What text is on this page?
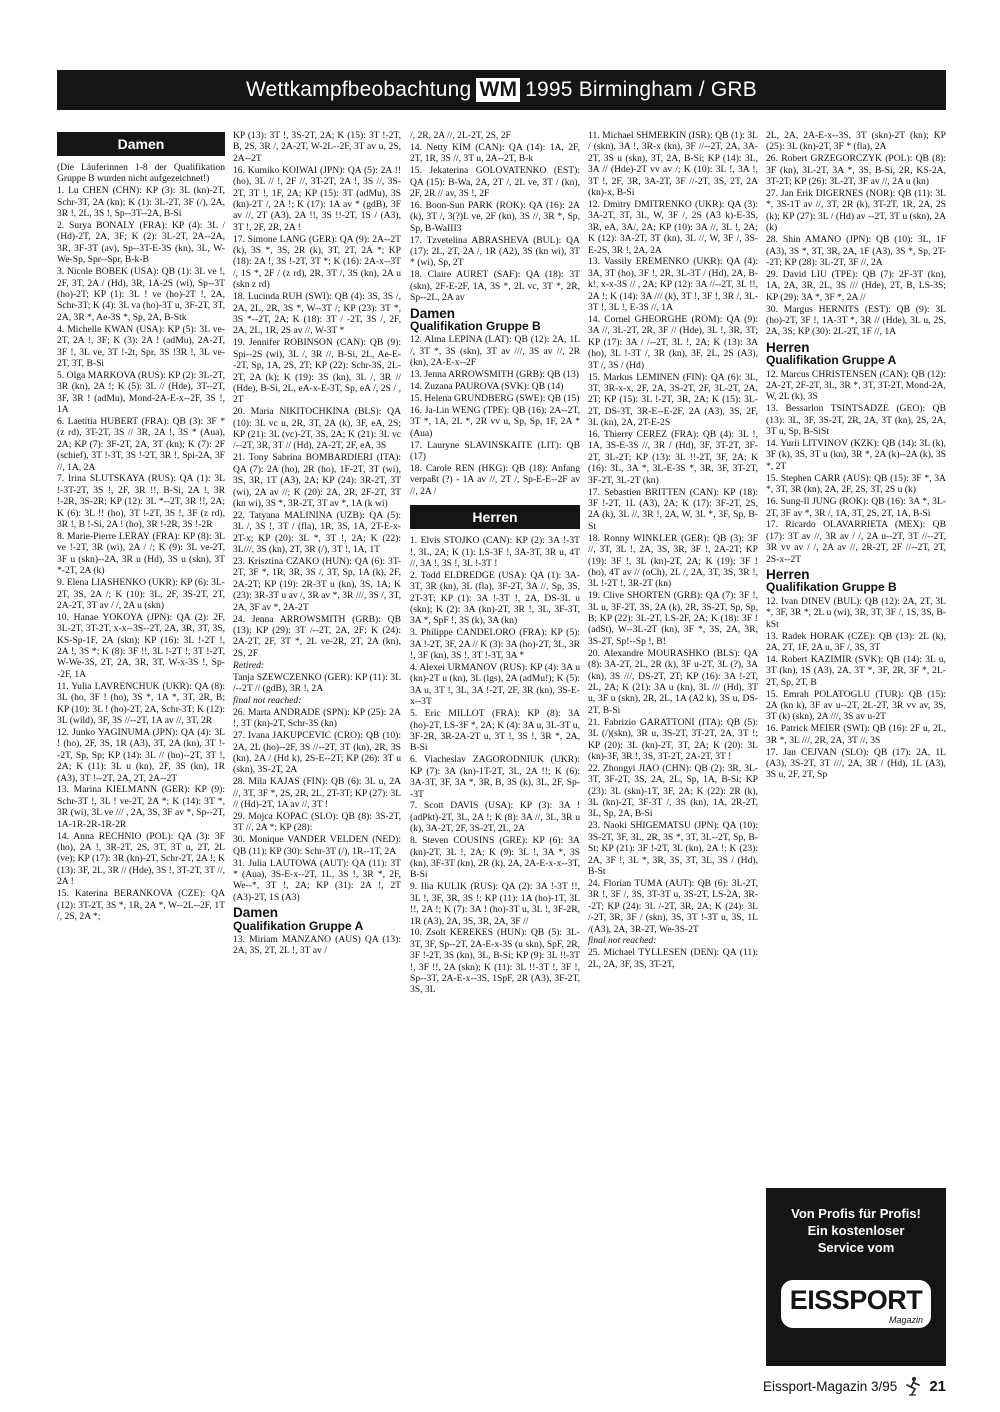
Wettkampfbeobachtung WM 1995 Birmingham / GRB
Damen

(Die Läuferinnen 1-8 der Qualifikation Gruppe B wurden nicht aufgezeichnet!)

1. Lu CHEN (CHN): KP (3): 3L (kn)-2T, Schr-3T, 2A (kn); K (1): 3L-2T, 3F (/), 2A, 3R !, 2L, 3S !, Sp--3T--2A, B-Si

2. Surya BONALY (FRA): KP (4): 3L / (Hd)-2T, 2A, 3F; K (2): 3L-2T, 2A--2A, 3R, 3F-3T (av), Sp--3T-E-3S (kn), 3L, W-We-Sp, Spr--Spr, B-k-B

3. Nicole BOBEK (USA): QB (1): 3L ve !, 2F, 3T, 2A / (Hd), 3R, 1A-2S (wi), Sp--3T (ho)-2T; KP (1): 3L ! ve (ho)-2T !, 2A, Schr-3T; K (4): 3L va (ho)-3T u, 3F-2T, 3T, 2A, 3R *, Ae-3S *, Sp, 2A, B-Stk

4. Michelle KWAN (USA): KP (5): 3L ve-2T, 2A !, 3F; K (3): 2A ! (adMu), 2A-2T, 3F !, 3L ve, 3T !-2t, Spr, 3S !3R !, 3L ve-2T, 3T, B-Si

5. Olga MARKOVA (RUS): KP (2): 3L-2T, 3R (kn), 2A !; K (5): 3L // (Hde), 3T--2T, 3F, 3R ! (adMu), Mond-2A-E-x--2F, 3S !, 1A

6. Laetitia HUBERT (FRA): QB (3): 3F * (z rd), 3T-2T, 3S // 3R, 2A !, 3S * (Aua), 2A; KP (7): 3F-2T, 2A, 3T (kn); K (7): 2F (schief), 3T !-3T, 3S !-2T, 3R !, Spi-2A, 3F //, 1A, 2A

7. Irina SLUTSKAYA (RUS): QA (1): 3L !-3T-2T, 3S !, 2F, 3R !!, B-Si, 2A !, 3R !-2R, 3S-2R; KP (12): 3L *--2T, 3R !!, 2A; K (6): 3L !! (ho), 3T !-2T, 3S !, 3F (z rd), 3R !, B !-Si, 2A ! (ho), 3R !-2R, 3S !-2R

8. Marie-Pierre LERAY (FRA): KP (8): 3L ve !-2T, 3R (wi), 2A / /; K (9): 3L ve-2T, 3F u (skn)--2A, 3R u (Hd), 3S u (skn), 3T *-2T, 2A (k)

9. Elena LIASHENKO (UKR): KP (6): 3L-2T, 3S, 2A /; K (10): 3L, 2F, 3S-2T, 2T, 2A-2T, 3T av / /, 2A u (skn)

10. Hanae YOKOYA (JPN): QA (2): 2F, 3L-2T, 3T-2T, x-x--3S--2T, 2A, 3R, 3T, 3S, KS-Sp-1F, 2A (skn); KP (16): 3L !-2T !, 2A !, 3S *; K (8): 3F !!, 3L !-2T !, 3T !-2T, W-We-3S, 2T, 2A, 3R, 3T, W-x-3S !, Sp--2F, 1A

11. Yulia LAVRENCHUK (UKR): QA (8): 3L (ho, 3F ! (ho), 3S *, 1A *, 3T, 2R, B; KP (10): 3L ! (ho)-2T, 2A, Schr-3T; K (12): 3L (wild), 3F, 3S //--2T, 1A av //, 3T, 2R

12. Junko YAGINUMA (JPN): QA (4): 3L ! (ho), 2F, 3S, 1R (A3), 3T, 2A (kn), 3T !--2T, Sp, Sp; KP (14): 3L // (ho)--2T, 3T !, 2A; K (11): 3L u (kn), 2F, 3S (kn), 1R (A3), 3T !--2T, 2A, 2T, 2A--2T

13. Marina KIELMANN (GER): KP (9): Schr-3T !, 3L ! ve-2T, 2A *; K (14): 3T *, 3R (wi), 3L ve /// , 2A, 3S, 3F av *, Sp--2T, 1A-1R-2R-1R-2R

14. Anna RECHNIO (POL): QA (3): 3F (ho), 2A !, 3R-2T, 2S, 3T, 3T u, 2T, 2L (ve); KP (17): 3R (kn)-2T, Schr-2T, 2A !; K (13): 3F, 2L, 3R // (Hde), 3S !, 3T-2T, 3T //, 2A !

15. Katerina BERANKOVA (CZE): QA (12): 3T-2T, 3S *, 1R, 2A *, W--2L--2F, 1T /, 2S, 2A *;

KP (13): 3T !, 3S-2T, 2A; K (15): 3T !-2T, B, 2S, 3R /, 2A-2T, W-2L--2F, 3T av u, 2S, 2A--2T

16. Kumiko KOIWAI (JPN): QA (5): 2A !! (ho), 3L // !, 2F //, 3T-2T, 2A !, 3S //, 3S-2T, 3T !, 1F, 2A; KP (15): 3T (adMu), 3S (kn)-2T /, 2A !; K (17): 1A av * (gdB), 3F av //, 2T (A3), 2A !!, 3S !!-2T, 1S / (A3), 3T !, 2F, 2R, 2A !

17. Simone LANG (GER): QA (9): 2A--2T (k), 3S *, 3S, 2R (k), 3T, 2T, 2A *; KP (18): 2A !, 3S !-2T, 3T *; K (16): 2A-x--3T /, 1S *, 2F / (z rd), 2R, 3T /, 3S (kn), 2A u (skn z rd)

18. Lucinda RUH (SWI): QB (4): 3S, 3S /, 2A, 2L, 2R, 3S *, W--3T /; KP (23): 3T *, 3S *--2T, 2A; K (18): 3T / -2T, 3S /, 2F, 2A, 2L, 1R, 2S av //, W-3T *

19. Jennifer ROBINSON (CAN): QB (9): Spi--2S (wi), 3L /, 3R //, B-Si, 2L, Ae-E--2T, Sp, 1A, 2S, 2T; KP (22): Schr-3S, 2L-2T, 2A (k); K (19): 3S (kn), 3L /, 3R // (Hde), B-Si, 2L, eA-x-E-3T, Sp, eA /, 2S / , 2T

20. Maria NIKITOCHKINA (BLS): QA (10): 3L vc u, 2R, 3T, 2A (k), 3F, eA, 2S; KP (21): 3L (vc)-2T, 3S, 2A; K (21): 3L vc /--2T, 3R, 3T // (Hd), 2A-2T, 2F, eA, 3S

21. Tony Sabrina BOMBARDIERI (ITA): QA (7): 2A (ho), 2R (ho), 1F-2T, 3T (wi), 3S, 3R, 1T (A3), 2A; KP (24): 3R-2T, 3T (wi), 2A av //; K (20): 2A, 2R, 2F-2T, 3T (kn wi), 3S *, 3R-2T, 3T av *, 1A (k wi)

22. Tatyana MALININA (UZB): QA (5): 3L /, 3S !, 3T / (fla), 1R, 3S, 1A, 2T-E-x-2T-x; KP (20): 3L *, 3T !, 2A; K (22): 3L///, 3S (kn), 2T, 3R (/), 3T !, 1A, 1T

23. Krisztina CZAKO (HUN): QA (6): 3T-2T, 3F *, 1R, 3R, 3S /, 3T, Sp, 1A (k), 2F, 2A-2T; KP (19): 2R-3T u (kn), 3S, 1A; K (23): 3R-3T u av /, 3R av *, 3R ///, 3S /, 3T, 2A, 3F av *, 2A-2T

24. Jenna ARROWSMITH (GRB): QB (13); KP (29): 3T /--2T, 2A, 2F; K (24): 2A-2T, 2F, 3T *, 2L ve-2R, 2T, 2A (kn), 2S, 2F

Retired:

Tanja SZEWCZENKO (GER): KP (11): 3L /--2T // (gdB), 3R !, 2A

final not reached:

26. Marta ANDRADE (SPN): KP (25): 2A !, 3T (kn)-2T, Schr-3S (kn)

27. Ivana JAKUPCEVIC (CRO): QB (10): 2A, 2L (ho)--2F, 3S //--2T, 3T (kn), 2R, 3S (kn), 2A / (Hd k), 2S-E--2T; KP (26): 3T u (skn), 3S-2T, 2A

28. Mila KAJAS (FIN): QB (6): 3L u, 2A //, 3T, 3F *, 2S, 2R, 2L, 2T-3T; KP (27): 3L // (Hd)-2T, 1A av //, 3T !

29. Mojca KOPAC (SLO): QB (8): 3S-2T, 3T //, 2A *; KP (28):

30. Monique VANDER VELDEN (NED): QB (11): KP (30): Schr-3T (/), 1R--1T, 2A

31. Julia LAUTOWA (AUT): QA (11): 3T * (Aua), 3S-E-x--2T, 1L, 3S !, 3R *, 2F, We--*, 3T !, 2A; KP (31): 2A !, 2T (A3)-2T, 1S (A3)

Damen
Qualifikation Gruppe A

13. Miriam MANZANO (AUS) QA (13): 2A, 3S, 2T, 2L !, 3T av /

/, 2R, 2A //, 2L-2T, 2S, 2F

14. Netty KIM (CAN): QA (14): 1A, 2F, 2T, 1R, 3S //, 3T u, 2A--2T, B-k

15. Jekaterina GOLOVATENKO (EST): QA (15): B-Wa, 2A, 2T /, 2L ve, 3T / (kn), 2F, 2R // av, 3S !, 2F

16. Boon-Sun PARK (ROK): QA (16): 2A (k), 3T /, 3(?)L ve, 2F (kn), 3S //, 3R *, Sp, Sp, B-WaIII3

17. Tzvetelina ABRASHEVA (BUL): QA (17): 2L, 2T, 2A /, 1R (A2), 3S (kn wi), 3T * (wi), Sp, 2T

18. Claire AURET (SAF): QA (18): 3T (skn), 2F-E-2F, 1A, 3S *, 2L vc, 3T *, 2R, Sp--2L, 2A av

Damen
Qualifikation Gruppe B

12. Alma LEPINA (LAT): QB (12): 2A, 1L /, 3T *, 3S (skn), 3T av ///, 3S av //, 2R (kn), 2A-E-x--2F

13. Jenna ARROWSMITH (GRB): QB (13)

14. Zuzana PAUROVA (SVK): QB (14)

15. Helena GRUNDBERG (SWE): QB (15)

16. Ja-Lin WENG (TPE): QB (16): 2A--2T, 3T *, 1A, 2L *, 2R vv u, Sp, Sp, 1F, 2A * (Aua)

17. Lauryne SLAVINSKAITE (LIT): QB (17)

18. Carole REN (HKG): QB (18): Anfang verpaßt (?) - 1A av //, 2T /, Sp-E-E--2F av //, 2A /

Herren

1. Elvis STOJKO (CAN): KP (2): 3A !-3T !, 3L, 2A; K (1): LS-3F !, 3A-3T, 3R u, 4T //, 3A !, 3S !, 3L !-3T !

2. Todd ELDREDGE (USA): QA (1): 3A-3T, 3R (kn), 3L (fla), 3F-2T, 3A //, Sp, 3S, 2T-3T; KP (1): 3A !-3T !, 2A, DS-3L u (skn); K (2): 3A (kn)-2T, 3R !, 3L, 3F-3T, 3A *, SpF !, 3S (k), 3A (kn)

3. Philippe CANDELORO (FRA): KP (5): 3A !-2T, 3F, 2A // K (3): 3A (ho)-2T, 3L, 3R !, 3F (kn), 3S !, 3T !-3T, 3A *

4. Alexei URMANOV (RUS): KP (4): 3A u (kn)-2T u (kn), 3L (lgs), 2A (adMu!); K (5): 3A u, 3T !, 3L, 3A !-2T, 2F, 3R (kn), 3S-E-x--3T

5. Eric MILLOT (FRA): KP (8): 3A (ho)-2T, LS-3F *, 2A; K (4): 3A u, 3L-3T u, 3F-2R, 3R-2A-2T u, 3T !, 3S !, 3R *, 2A, B-Si

6. Viacheslav ZAGORODNIUK (UKR): KP (7): 3A (kn)-1T-2T, 3L, 2A !!; K (6): 3A-3T, 3F, 3A *, 3R, B, 3S (k), 3L, 2F, Sp--3T

7. Scott DAVIS (USA): KP (3): 3A ! (adPkt)-2T, 3L, 2A !; K (8): 3A //, 3L, 3R u (k), 3A-2T, 2F, 3S-2T, 2L, 2A

8. Steven COUSINS (GRE): KP (6): 3A (kn)-2T, 3L !, 2A; K (9): 3L !, 3A *, 3S (kn), 3F-3T (kn), 2R (k), 2A, 2A-E-x-x--3T, B-Si

9. Ilia KULIK (RUS): QA (2): 3A !-3T !!, 3L !, 3F, 3R, 3S !; KP (11): 1A (ho)-1T, 3L !!, 2A !; K (7): 3A ! (ho)-3T u, 3L !, 3F-2R, 1R (A3), 2A, 3S, 3R, 2A, 3F //

10. Zsolt KEREKES (HUN): QB (5): 3L-3T, 3F, Sp--2T, 2A-E-x-3S (u skn), SpF, 2R, 3F !-2T, 3S (kn), 3L, B-Si; KP (9): 3L !!-3T !, 3F !!, 2A (skn); K (11): 3L !!-3T !, 3F !, Sp--3T, 2A-E-x--3S, 1SpF, 2R (A3), 3F-2T, 3S, 3L

11. Michael SHMERKIN (ISR): QB (1): 3L / (skn), 3A !, 3R-x (kn), 3F //--2T, 2A, 3A-2T, 3S u (skn), 3T, 2A, B-Si; KP (14): 3L, 3A // (Hde)-2T vv av /; K (10): 3L !, 3A !, 3T !, 2F, 3R, 3A-2T, 3F //-2T, 3S, 2T, 2A (kn)-x, B-Si

12. Dmitry DMITRENKO (UKR): QA (3): 3A-2T, 3T, 3L, W, 3F /, 2S (A3 k)-E-3S, 3R, eA, 3A/, 2A; KP (10): 3A //, 3L !, 2A; K (12): 3A-2T, 3T (kn), 3L //, W, 3F /, 3S-E-2S, 3R !, 2A, 2A

13. Vassily EREMENKO (UKR): QA (4): 3A, 3T (ho), 3F !, 2R, 3L-3T / (Hd), 2A, B-k!, x-x-3S // , 2A; KP (12): 3A //--2T, 3L !!, 2A !; K (14): 3A /// (k), 3T !, 3F !, 3R /, 3L-3T !, 3L !, E-3S //, 1A

14. Cornel GHEORGHE (ROM): QA (9): 3A //, 3L-2T, 2R, 3F // (Hde), 3L !, 3R, 3T; KP (17): 3A / /--2T, 3L !, 2A; K (13): 3A (ho), 3L !-3T /, 3R (kn), 3F, 2L, 2S (A3), 3T /, 3S / (Hd)

15. Markus LEMINEN (FIN): QA (6): 3L, 3T, 3R-x-x, 2F, 2A, 3S-2T, 2F, 3L-2T, 2A, 2T; KP (15): 3L !-2T, 3R, 2A; K (15): 3L-2T, DS-3T, 3R-E--E-2F, 2A (A3), 3S, 2F, 3L (kn), 2A, 2T-E-2S

16. Thierry CEREZ (FRA): QB (4): 3L !, 1A, 3S-E-3S //, 3R / (Hd), 3F, 3T-2T, 3F-2T, 3L-2T; KP (13): 3L !!-2T, 3F, 2A; K (16): 3L, 3A *, 3L-E-3S *, 3R, 3F, 3T-2T, 3F-2T, 3L-2T (kn)

17. Sebastien BRITTEN (CAN): KP (18): 3F !-2T, 1L (A3), 2A; K (17): 3F-2T, 2S, 2A (k), 3L //, 3R !, 2A, W, 3L *, 3F, Sp, B-St

18. Ronny WINKLER (GER): QB (3): 3F //, 3T, 3L !, 2A, 3S, 3R, 3F !, 2A-2T; KP (19): 3F !, 3L (kn)-2T, 2A; K (19): 3F ! (ho), 4T av // (oCh), 2L /, 2A, 3T, 3S, 3R !, 3L !-2T !, 3R-2T (kn)

19. Clive SHORTEN (GRB): QA (7): 3F !, 3L u, 3F-2T, 3S, 2A (k), 2R, 3S-2T, Sp, Sp, B; KP (22): 3L-2T, LS-2F, 2A; K (18): 3F ! (adSt), W--3L-2T (kn), 3F *, 3S, 2A, 3R, 3S-2T, Sp!--Sp !, B!

20. Alexandre MOURASHKO (BLS): QA (8): 3A-2T, 2L, 2R (k), 3F u-2T, 3L (?), 3A (kn), 3S ///, DS-2T, 2T; KP (16): 3A !-2T, 2L, 2A; K (21): 3A u (kn), 3L /// (Hd), 3T u, 3F u (skn), 2R, 2L, 1A (A2 k), 3S u, DS-2T, B-Si

21. Fabrizio GARATTONI (ITA): QB (5): 3L (/)(skn), 3R u, 3S-2T, 3T-2T, 2A, 3T !; KP (20): 3L (kn)-2T, 3T, 2A; K (20): 3L (kn)-3F, 3R !, 3S, 3T-2T, 2A-2T, 3T !

22. Zhongyi JIAO (CHN): QB (2): 3R, 3L-3T, 3F-2T, 3S, 2A, 2L, Sp, 1A, B-Si; KP (23): 3L (skn)-1T, 3F, 2A; K (22): 2R (k), 3L (kn)-2T, 3F-3T /, 3S (kn), 1A, 2R-2T, 3L, Sp, 2A, B-Si

23. Naoki SHIGEMATSU (JPN): QA (10): 3S-2T, 3F, 3L, 2R, 3S *, 3T, 3L--2T, Sp, B-St; KP (21): 3F !-2T, 3L (kn), 2A !; K (23): 2A, 3F !, 3L *, 3R, 3S, 3T, 3L, 3S / (Hd), B-St

24. Florian TUMA (AUT): QB (6): 3L-2T, 3R !, 3F /, 3S, 3T-3T u, 3S-2T, LS-2A, 3R--2T; KP (24): 3L /-2T, 3R, 2A; K (24): 3L /-2T, 3R, 3F / (skn), 3S, 3T !-3T u, 3S, 1L /(A3), 2A, 3R-2T, We-3S-2T

final not reached:

25. Michael TYLLESEN (DEN): QA (11): 2L, 2A, 3F, 3S, 3T-2T,

2L, 2A, 2A-E-x--3S, 3T (skn)-2T (kn); KP (25): 3L (kn)-2T, 3F * (fla), 2A

26. Robert GRZEGORCZYK (POL): QB (8): 3F (kn), 3L-2T, 3A *, 3S, B-Si, 2R, KS-2A, 3T-2T; KP (26): 3L-2T, 3F av //, 2A u (kn)

27. Jan Erik DIGERNES (NOR): QB (11): 3L *, 3S-1T av //, 3T, 2R (k), 3T-2T, 1R, 2A, 2S (k); KP (27): 3L / (Hd) av --2T, 3T u (skn), 2A (k)

28. Shin AMANO (JPN): QB (10): 3L, 1F (A3), 3S *, 3T, 3R, 2A, 1F (A3), 3S *, Sp, 2T--2T; KP (28): 3L-2T, 3F //, 2A

29. David LIU (TPE): QB (7): 2F-3T (kn), 1A, 2A, 3R, 2L, 3S /// (Hde), 2T, B, LS-3S; KP (29): 3A *, 3F *, 2A //

30. Margus HERNITS (EST): QB (9): 3L (ho)-2T, 3F !, 1A-3T *, 3R // (Hde), 3L u, 2S, 2A, 3S; KP (30): 2L-2T, 1F //, 1A

Herren
Qualifikation Gruppe A

12. Marcus CHRISTENSEN (CAN): QB (12): 2A-2T, 2F-2T, 3L, 3R *, 3T, 3T-2T, Mond-2A, W, 2L (k), 3S

13. Bessarlon TSINTSADZE (GEO): QB (13): 3L, 3F, 3S-2T, 2R, 2A, 3T (kn), 2S, 2A, 3T u, Sp, B-SiSt

14. Yurii LITVINOV (KZK): QB (14): 3L (k), 3F (k), 3S, 3T u (kn), 3R *, 2A (k)--2A (k), 3S *, 2T

15. Stephen CARR (AUS): QB (15): 3F *, 3A *, 3T, 3R (kn), 2A, 2F, 2S, 3T, 2S u (k)

16. Sung-Il JUNG (ROK): QB (16): 3A *, 3L-2T, 3F av *, 3R /, 1A, 3T, 2S, 2T, 1A, B-Si

17. Ricardo OLAVARRIETA (MEX): QB (17): 3T av //, 3R av / /, 2A u--2T, 3T //--2T, 3R vv av / /, 2A av //, 2R-2T, 2F //--2T, 2T, 2S-x--2T

Herren
Qualifikation Gruppe B

12. Ivan DINEV (BUL): QB (12): 2A, 2T, 3L *, 3F, 3R *, 2L u (wi), 3R, 3T, 3F /, 1S, 3S, B-kSt

13. Radek HORAK (CZE): QB (13): 2L (k), 2A, 2T, 1F, 2A u, 3F /, 3S, 3T

14. Robert KAZIMIR (SVK): QB (14): 3L u, 3T (kn), 1S (A3), 2A, 3T *, 3F, 2R, 3F *, 2L-2T, Sp, 2T, B

15. Emrah POLATOGLU (TUR): QB (15): 2A (kn k), 3F av u--2T, 2L-2T, 3R vv av, 3S, 3T (k) (skn), 2A ///, 3S av u-2T

16. Patrick MEIER (SWI): QB (16): 2F u, 2L, 3R *, 3L ///, 2R, 2A, 3T //, 3S

17. Jan CEJVAN (SLO): QB (17): 2A, 1L (A3), 3S-2T, 3T ///, 2A, 3R / (Hd), 1L (A3), 3S u, 2F, 2T, Sp

Von Profis für Profis!
Ein kostenloser
Service vom
EISSPORT
Magazin
Eissport-Magazin 3/95 21
